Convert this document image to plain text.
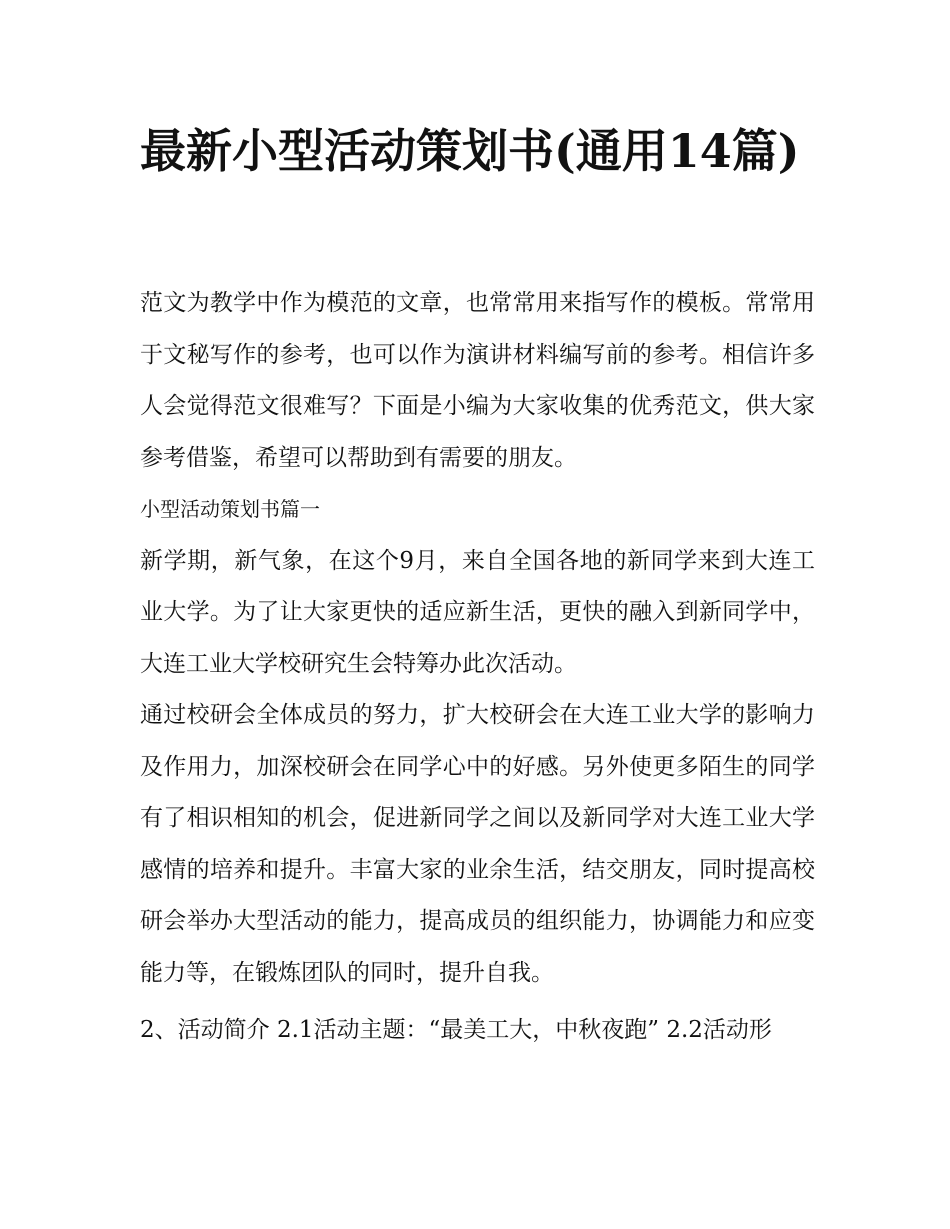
最新小型活动策划书(通用14篇)

范文为教学中作为模范的文章，也常常用来指写作的模板。常常用于文秘写作的参考，也可以作为演讲材料编写前的参考。相信许多人会觉得范文很难写？下面是小编为大家收集的优秀范文，供大家参考借鉴，希望可以帮助到有需要的朋友。

小型活动策划书篇一

新学期，新气象，在这个9月，来自全国各地的新同学来到大连工业大学。为了让大家更快的适应新生活，更快的融入到新同学中，大连工业大学校研究生会特筹办此次活动。

通过校研会全体成员的努力，扩大校研会在大连工业大学的影响力及作用力，加深校研会在同学心中的好感。另外使更多陌生的同学有了相识相知的机会，促进新同学之间以及新同学对大连工业大学感情的培养和提升。丰富大家的业余生活，结交朋友，同时提高校研会举办大型活动的能力，提高成员的组织能力，协调能力和应变能力等，在锻炼团队的同时，提升自我。

2、活动简介 2.1活动主题：“最美工大，中秋夜跑” 2.2活动形
